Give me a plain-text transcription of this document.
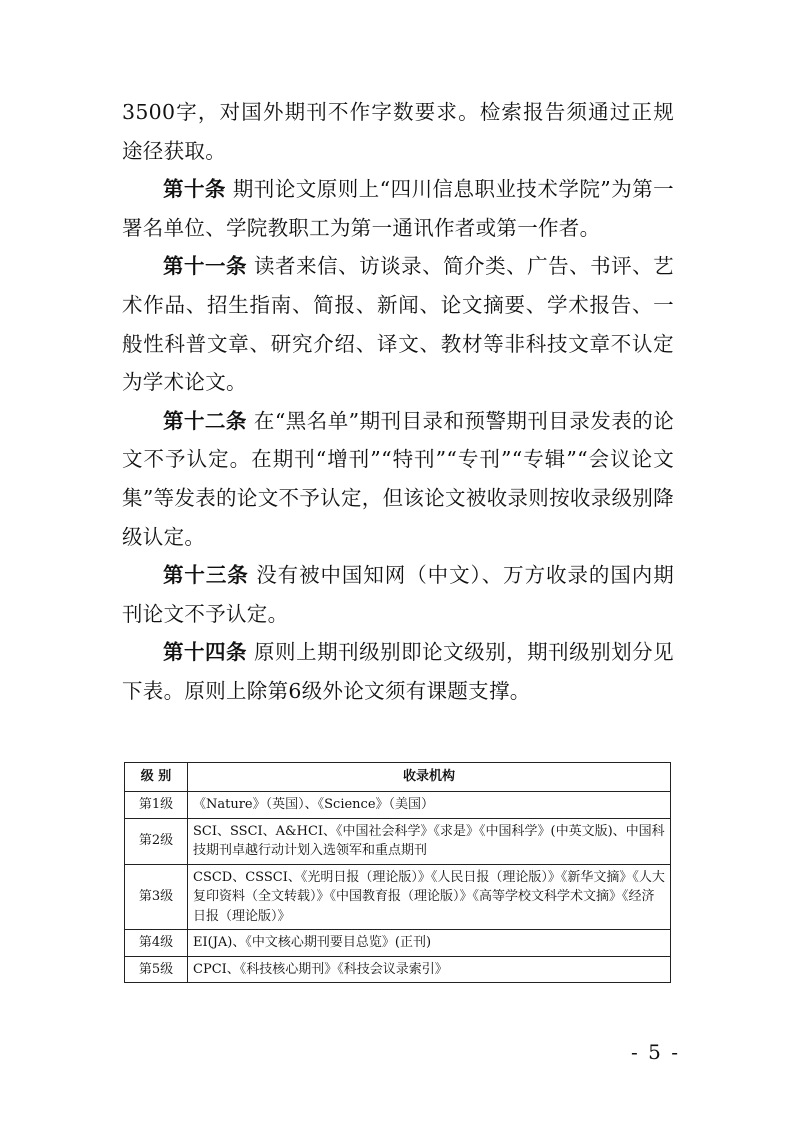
3500字，对国外期刊不作字数要求。检索报告须通过正规途径获取。

第十条 期刊论文原则上“四川信息职业技术学院”为第一署名单位、学院教职工为第一通讯作者或第一作者。

第十一条 读者来信、访谈录、简介类、广告、书评、艺术作品、招生指南、简报、新闻、论文摘要、学术报告、一般性科普文章、研究介绍、译文、教材等非科技文章不认定为学术论文。

第十二条 在“黑名单”期刊目录和预警期刊目录发表的论文不予认定。在期刊“增刊”“特刊”“专刊”“专辑”“会议论文集”等发表的论文不予认定，但该论文被收录则按收录级别降级认定。

第十三条 没有被中国知网（中文）、万方收录的国内期刊论文不予认定。

第十四条 原则上期刊级别即论文级别，期刊级别划分见下表。原则上除第6级外论文须有课题支撑。

级 别	收录机构
第1级	《Nature》（英国）、《Science》（美国）
第2级	SCI、SSCI、A&HCI、《中国社会科学》《求是》《中国科学》(中英文版)、中国科技期刊卓越行动计划入选领军和重点期刊
第3级	CSCD、CSSCI、《光明日报（理论版）》《人民日报（理论版）》《新华文摘》《人大复印资料（全文转载）》《中国教育报（理论版）》《高等学校文科学术文摘》《经济日报（理论版）》
第4级	EI(JA)、《中文核心期刊要目总览》(正刊)
第5级	CPCI、《科技核心期刊》《科技会议录索引》
- 5 -
